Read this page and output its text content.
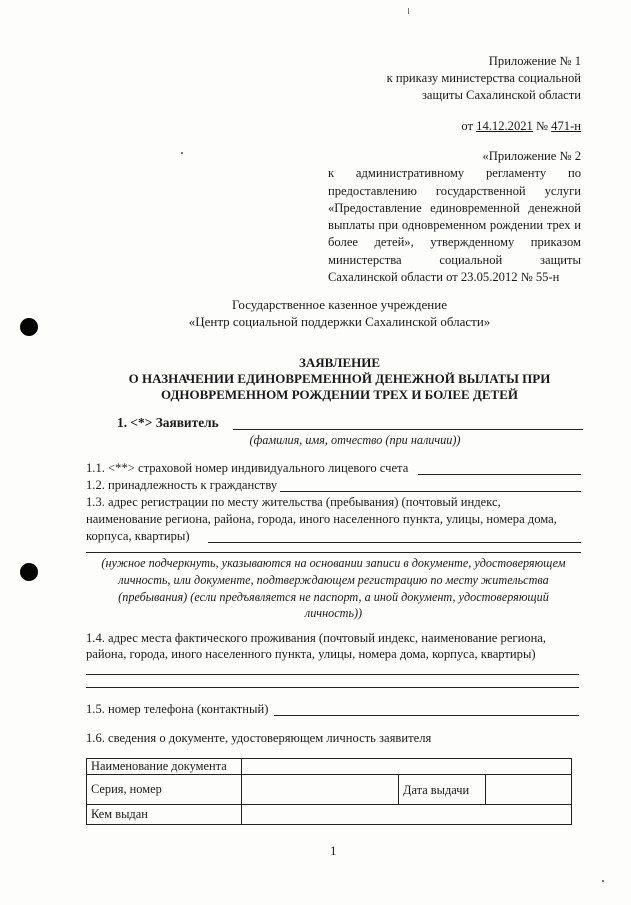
Приложение № 1
к приказу министерства социальной
защиты Сахалинской области
от 14.12.2021 № 471-н
«Приложение № 2
к административному регламенту по
предоставлению государственной услуги
«Предоставление единовременной денежной
выплаты при одновременном рождении трех и
более детей», утвержденному приказом
министерства социальной защиты
Сахалинской области от 23.05.2012 № 55-н
Государственное казенное учреждение
«Центр социальной поддержки Сахалинской области»
ЗАЯВЛЕНИЕ
О НАЗНАЧЕНИИ ЕДИНОВРЕМЕННОЙ ДЕНЕЖНОЙ ВЫЛАТЫ ПРИ
ОДНОВРЕМЕННОМ РОЖДЕНИИ ТРЕХ И БОЛЕЕ ДЕТЕЙ
1. <*> Заявитель
(фамилия, имя, отчество (при наличии))
1.1. <**> страховой номер индивидуального лицевого счета
1.2. принадлежность к гражданству
1.3. адрес регистрации по месту жительства (пребывания) (почтовый индекс,
наименование региона, района, города, иного населенного пункта, улицы, номера дома,
корпуса, квартиры)
(нужное подчеркнуть, указываются на основании записи в документе, удостоверяющем
личность, или документе, подтверждающем регистрацию по месту жительства
(пребывания) (если предъявляется не паспорт, а иной документ, удостоверяющий
личность))
1.4. адрес места фактического проживания (почтовый индекс, наименование региона,
района, города, иного населенного пункта, улицы, номера дома, корпуса, квартиры)
1.5. номер телефона (контактный)
1.6. сведения о документе, удостоверяющем личность заявителя
Наименование документа			
Серия, номер		Дата выдачи	
Кем выдан			
1
